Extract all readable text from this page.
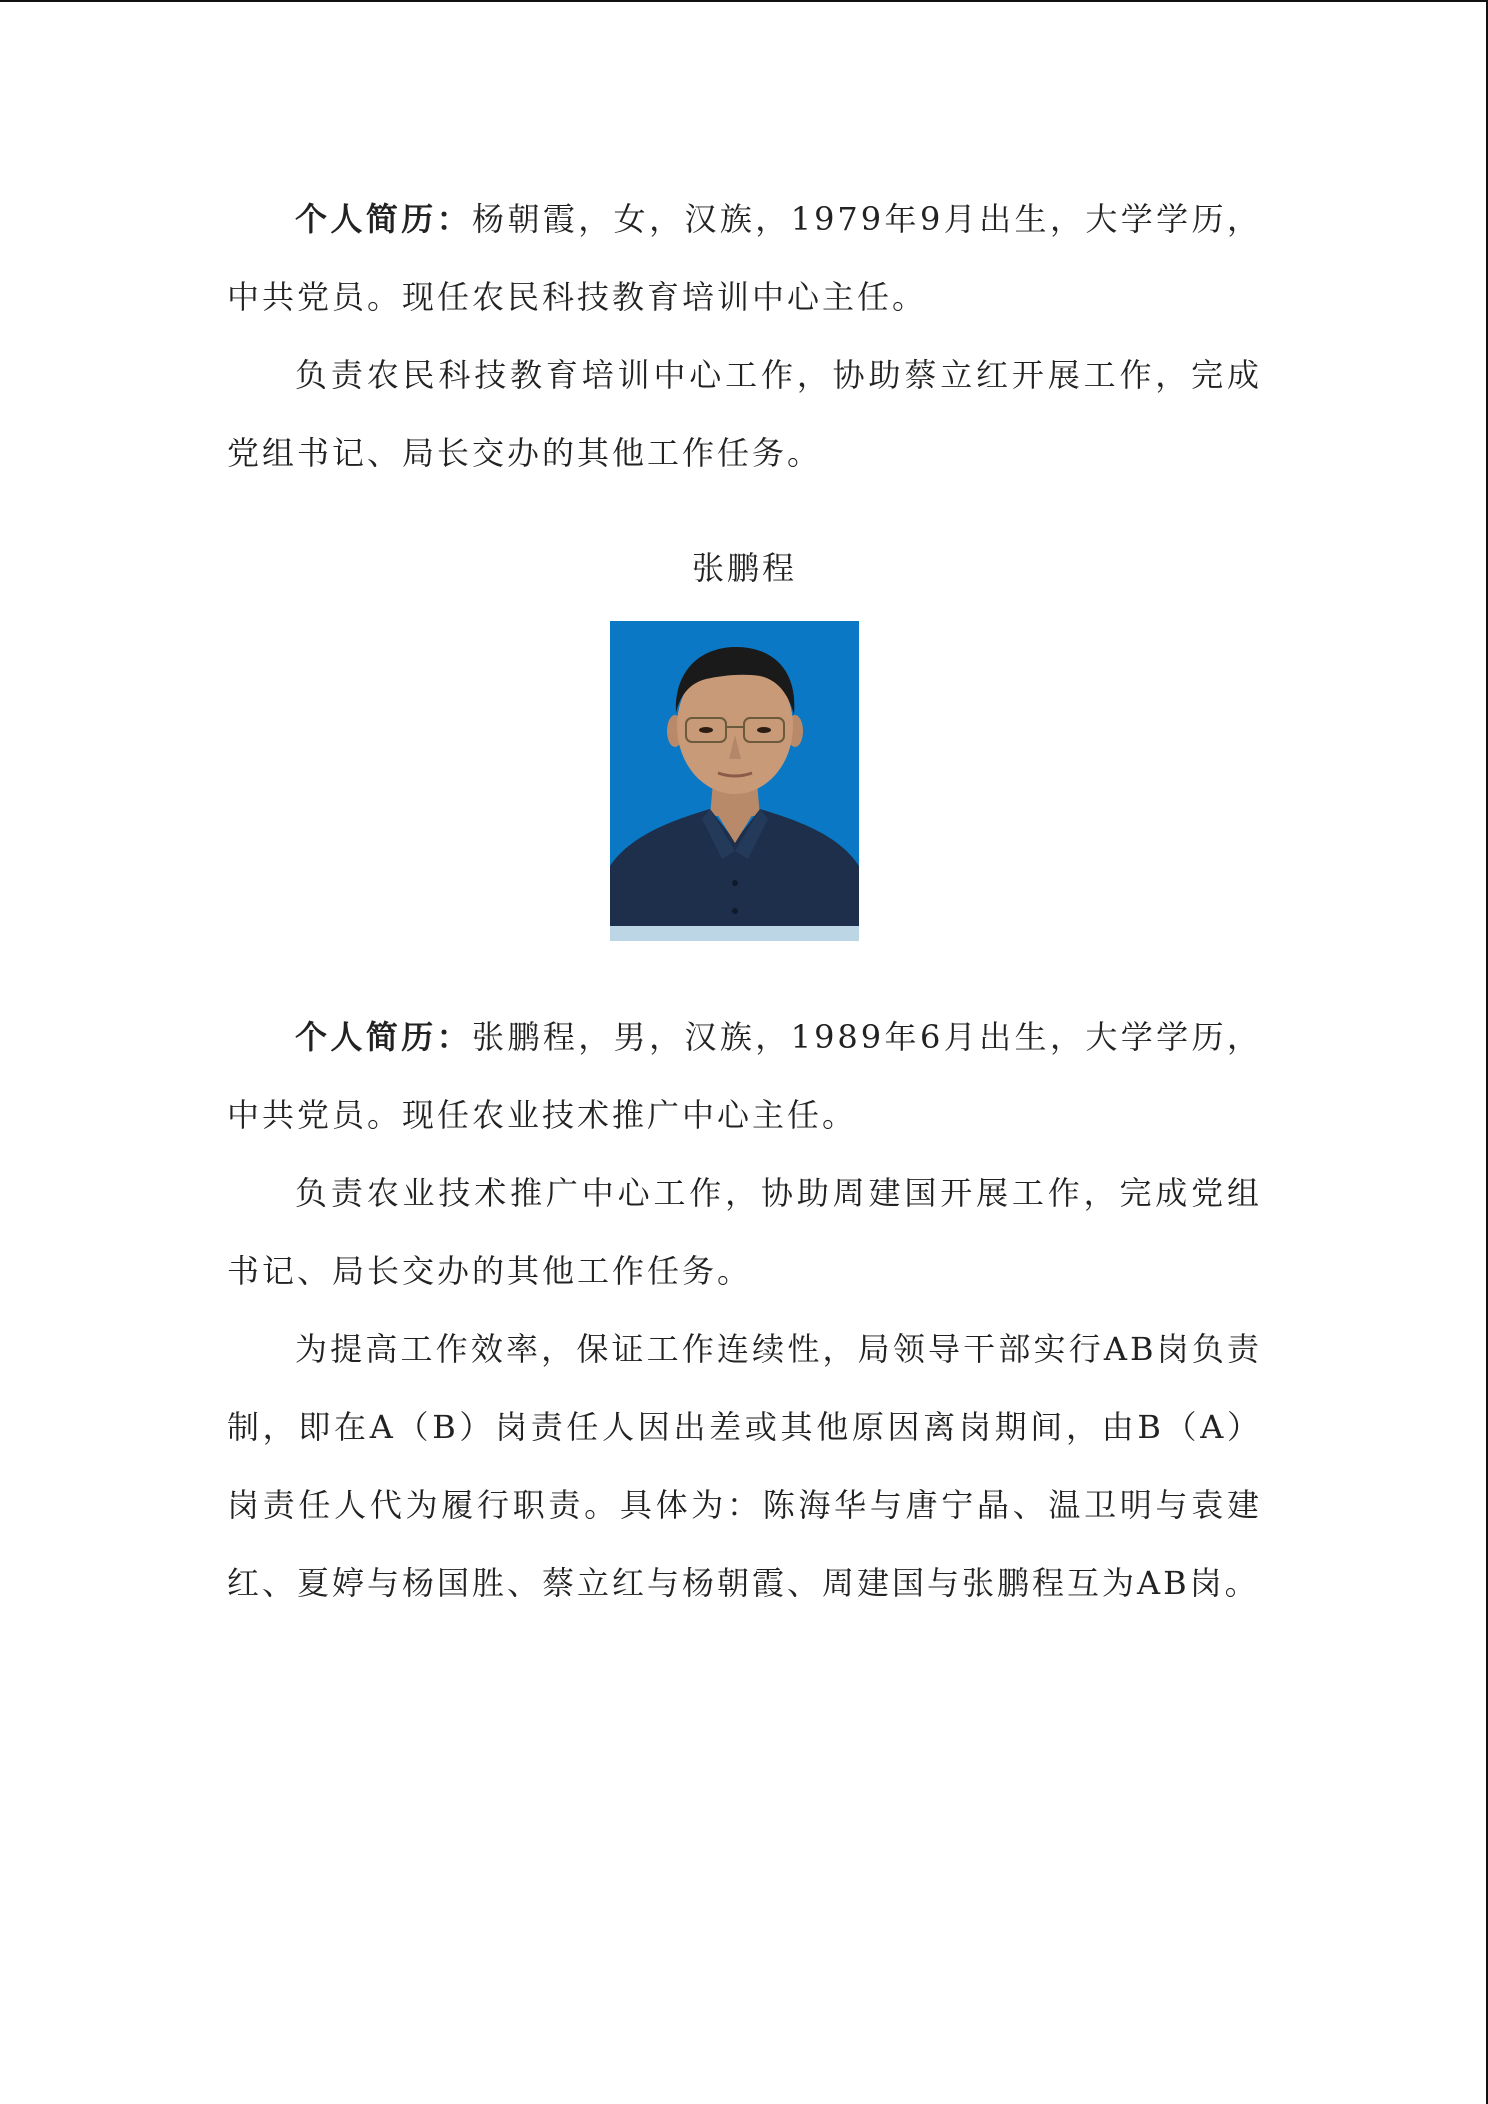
个人简历：杨朝霞，女，汉族，1979年9月出生，大学学历，中共党员。现任农民科技教育培训中心主任。

负责农民科技教育培训中心工作，协助蔡立红开展工作，完成党组书记、局长交办的其他工作任务。

张鹏程

个人简历：张鹏程，男，汉族，1989年6月出生，大学学历，中共党员。现任农业技术推广中心主任。

负责农业技术推广中心工作，协助周建国开展工作，完成党组书记、局长交办的其他工作任务。

为提高工作效率，保证工作连续性，局领导干部实行AB岗负责制，即在A（B）岗责任人因出差或其他原因离岗期间，由B（A）岗责任人代为履行职责。具体为：陈海华与唐宁晶、温卫明与袁建红、夏婷与杨国胜、蔡立红与杨朝霞、周建国与张鹏程互为AB岗。
